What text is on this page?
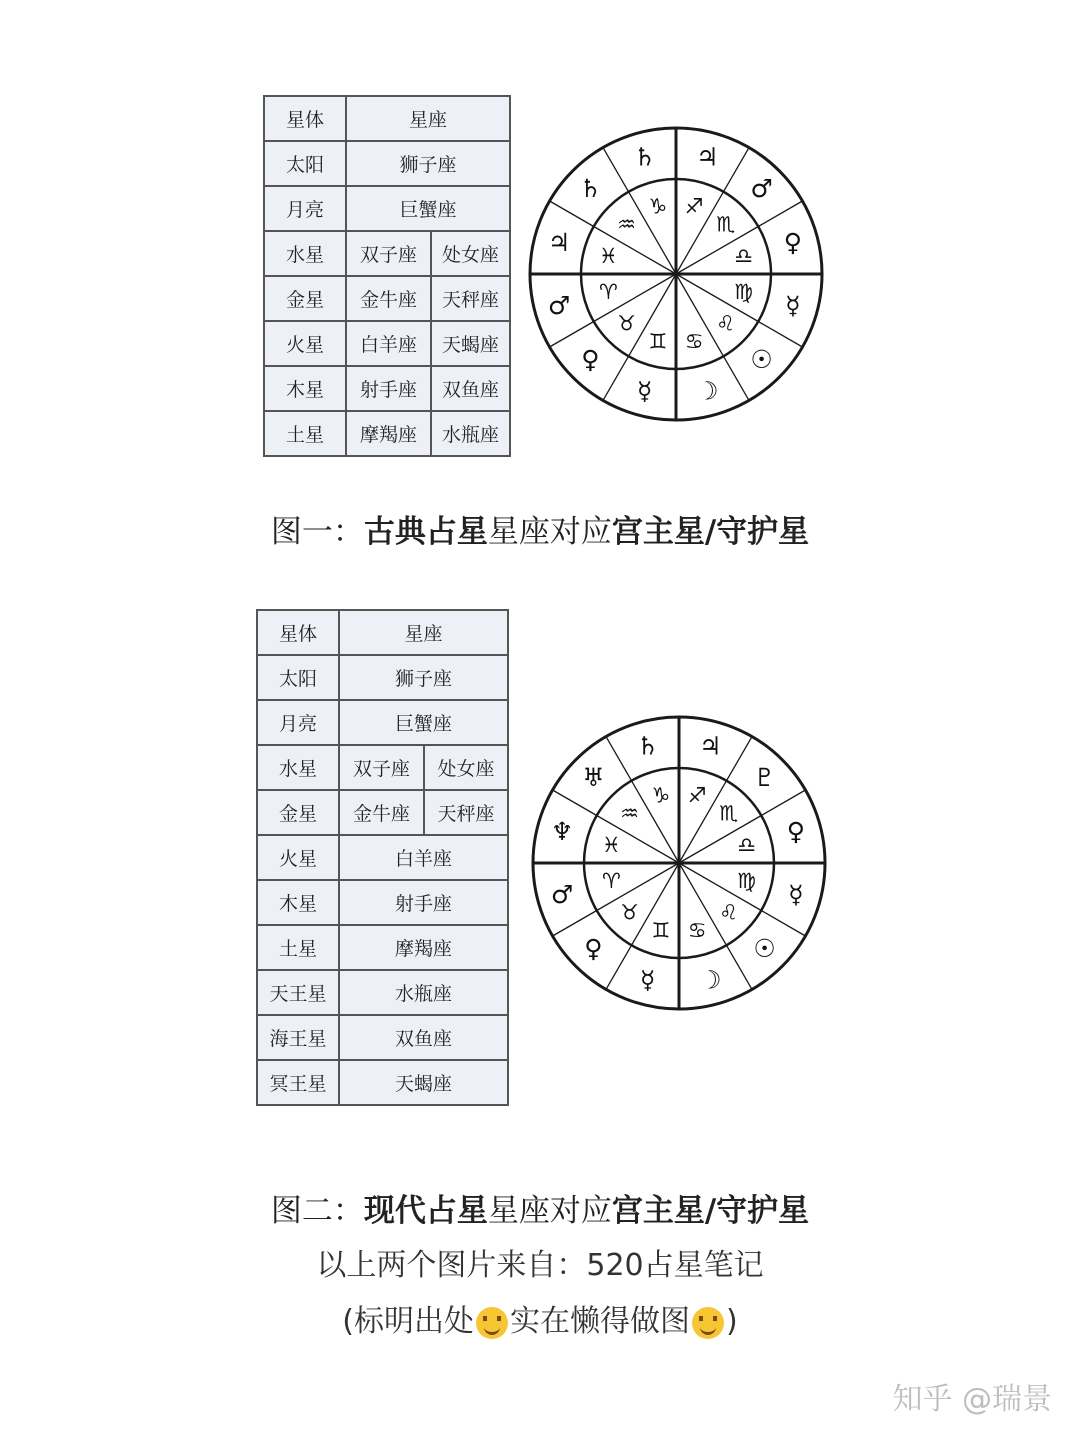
星体	星座	
太阳	狮子座	
月亮	巨蟹座	
水星	双子座	处女座
金星	金牛座	天秤座
火星	白羊座	天蝎座
木星	射手座	双鱼座
土星	摩羯座	水瓶座
♐
♃
♏
♂
♎ ♀
♍ ☿
♌
☉
♋
☽
♊
☿
♉
♀
♈
♂
♓
♃
♒
♄
♑
♄
图一：古典占星星座对应宫主星/守护星
星体	星座	
太阳	狮子座	
月亮	巨蟹座	
水星	双子座	处女座
金星	金牛座	天秤座
火星	白羊座	
木星	射手座	
土星	摩羯座	
天王星	水瓶座	
海王星	双鱼座	
冥王星	天蝎座	
♐
♃
♏
♇
♎ ♀
♍ ☿
♌
☉
♋
☽
♊
☿
♉
♀
♈
♂
♓
♆
♒
♅
♑
♄
图二：现代占星星座对应宫主星/守护星
以上两个图片来自：520占星笔记
(标明出处 实在懒得做图 )
知乎 @瑞景
